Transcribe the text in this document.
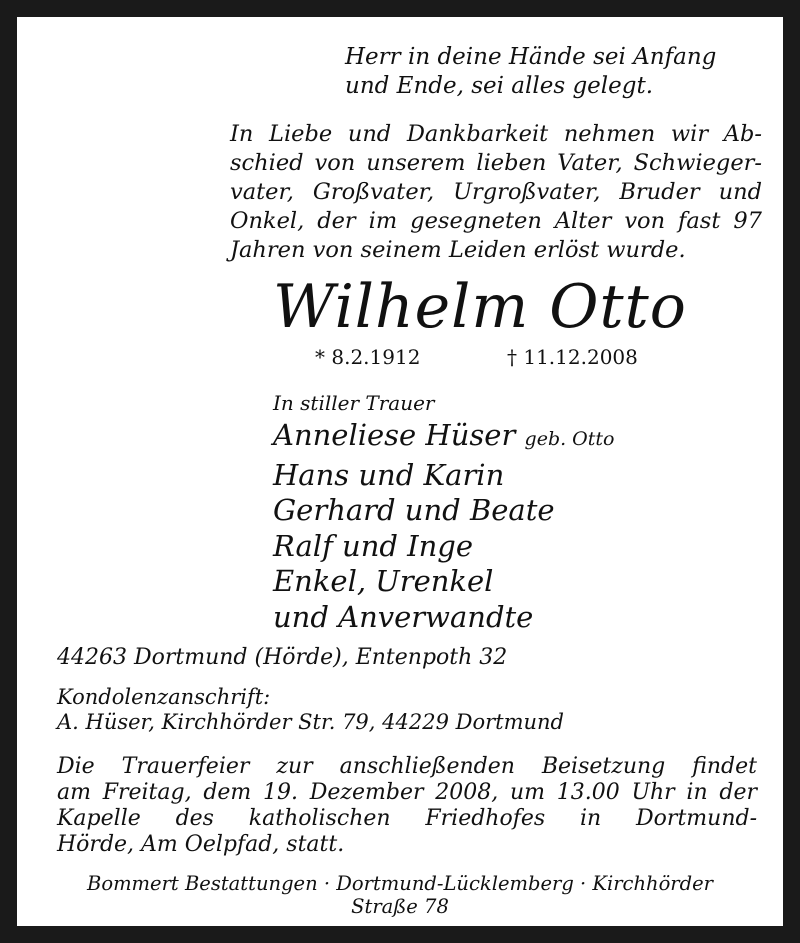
Herr in deine Hände sei Anfang
und Ende, sei alles gelegt.
In Liebe und Dankbarkeit nehmen wir Ab-
schied von unserem lieben Vater, Schwieger-
vater, Großvater, Urgroßvater, Bruder und
Onkel, der im gesegneten Alter von fast 97
Jahren von seinem Leiden erlöst wurde.
Wilhelm Otto
* 8.2.1912	† 11.12.2008
In stiller Trauer
Anneliese Hüser geb. Otto
Hans und Karin
Gerhard und Beate
Ralf und Inge
Enkel, Urenkel
und Anverwandte
44263 Dortmund (Hörde), Entenpoth 32
Kondolenzanschrift:
A. Hüser, Kirchhörder Str. 79, 44229 Dortmund
Die Trauerfeier zur anschließenden Beisetzung findet
am Freitag, dem 19. Dezember 2008, um 13.00 Uhr in der
Kapelle des katholischen Friedhofes in Dortmund-
Hörde, Am Oelpfad, statt.
Bommert Bestattungen · Dortmund-Lücklemberg · Kirchhörder Straße 78
